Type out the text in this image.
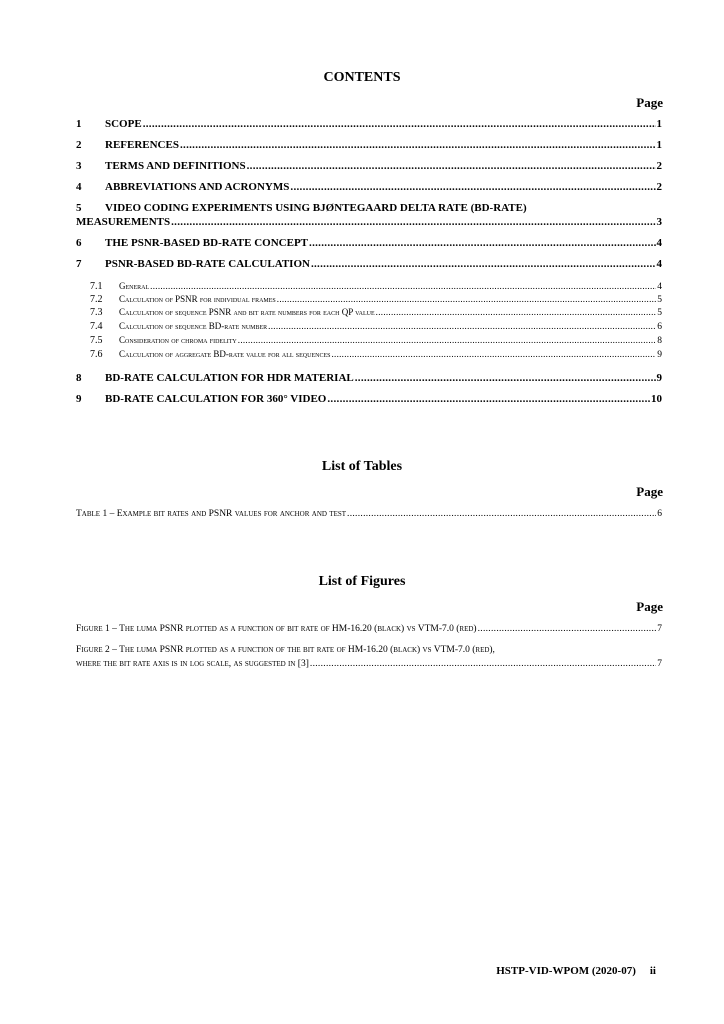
CONTENTS
Page
1	SCOPE .....	1
2	REFERENCES .....	1
3	TERMS AND DEFINITIONS .....	2
4	ABBREVIATIONS AND ACRONYMS .....	2
5 VIDEO CODING EXPERIMENTS USING BJØNTEGAARD DELTA RATE (BD-RATE)
MEASUREMENTS .....	3
6	THE PSNR-BASED BD-RATE CONCEPT .....	4
7	PSNR-BASED BD-RATE CALCULATION .....	4
7.1	General .....	4
7.2	Calculation of PSNR for individual frames .....	5
7.3	Calculation of sequence PSNR and bit rate numbers for each QP value .....	5
7.4	Calculation of sequence BD-rate number .....	6
7.5	Consideration of chroma fidelity .....	8
7.6	Calculation of aggregate BD-rate value for all sequences .....	9
8	BD-RATE CALCULATION FOR HDR MATERIAL .....	9
9	BD-RATE CALCULATION FOR 360° VIDEO .....	10
List of Tables
Page
Table 1 – Example bit rates and PSNR values for anchor and test .....	6
List of Figures
Page
Figure 1 – The luma PSNR plotted as a function of bit rate of HM-16.20 (black) vs VTM-7.0 (red) .....	7
Figure 2 – The luma PSNR plotted as a function of the bit rate of HM-16.20 (black) vs VTM-7.0 (red),
where the bit rate axis is in log scale, as suggested in [3] .....	7
HSTP-VID-WPOM (2020-07) ii
